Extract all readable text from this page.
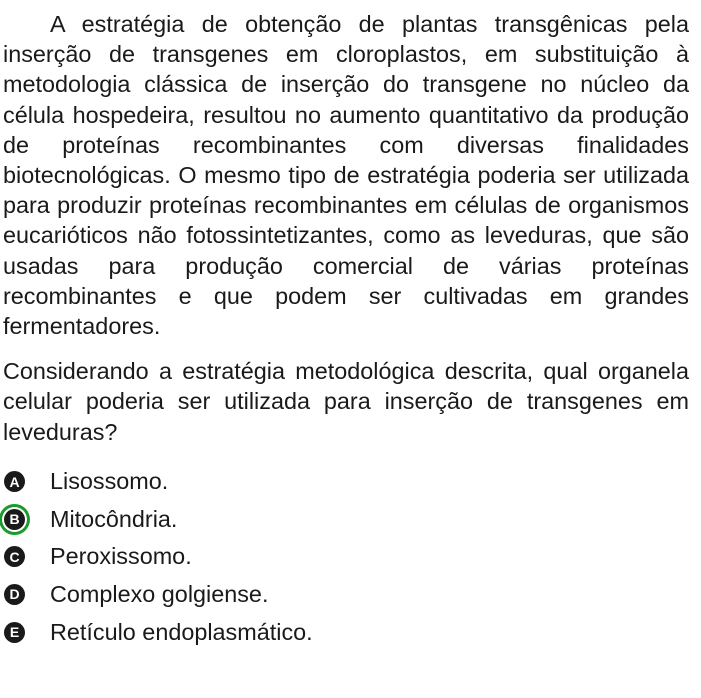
A estratégia de obtenção de plantas transgênicas pela inserção de transgenes em cloroplastos, em substituição à metodologia clássica de inserção do transgene no núcleo da célula hospedeira, resultou no aumento quantitativo da produção de proteínas recombinantes com diversas finalidades biotecnológicas. O mesmo tipo de estratégia poderia ser utilizada para produzir proteínas recombinantes em células de organismos eucarióticos não fotossintetizantes, como as leveduras, que são usadas para produção comercial de várias proteínas recombinantes e que podem ser cultivadas em grandes fermentadores.

Considerando a estratégia metodológica descrita, qual organela celular poderia ser utilizada para inserção de transgenes em leveduras?

A Lisossomo.
B Mitocôndria.
C Peroxissomo.
D Complexo golgiense.
E Retículo endoplasmático.
